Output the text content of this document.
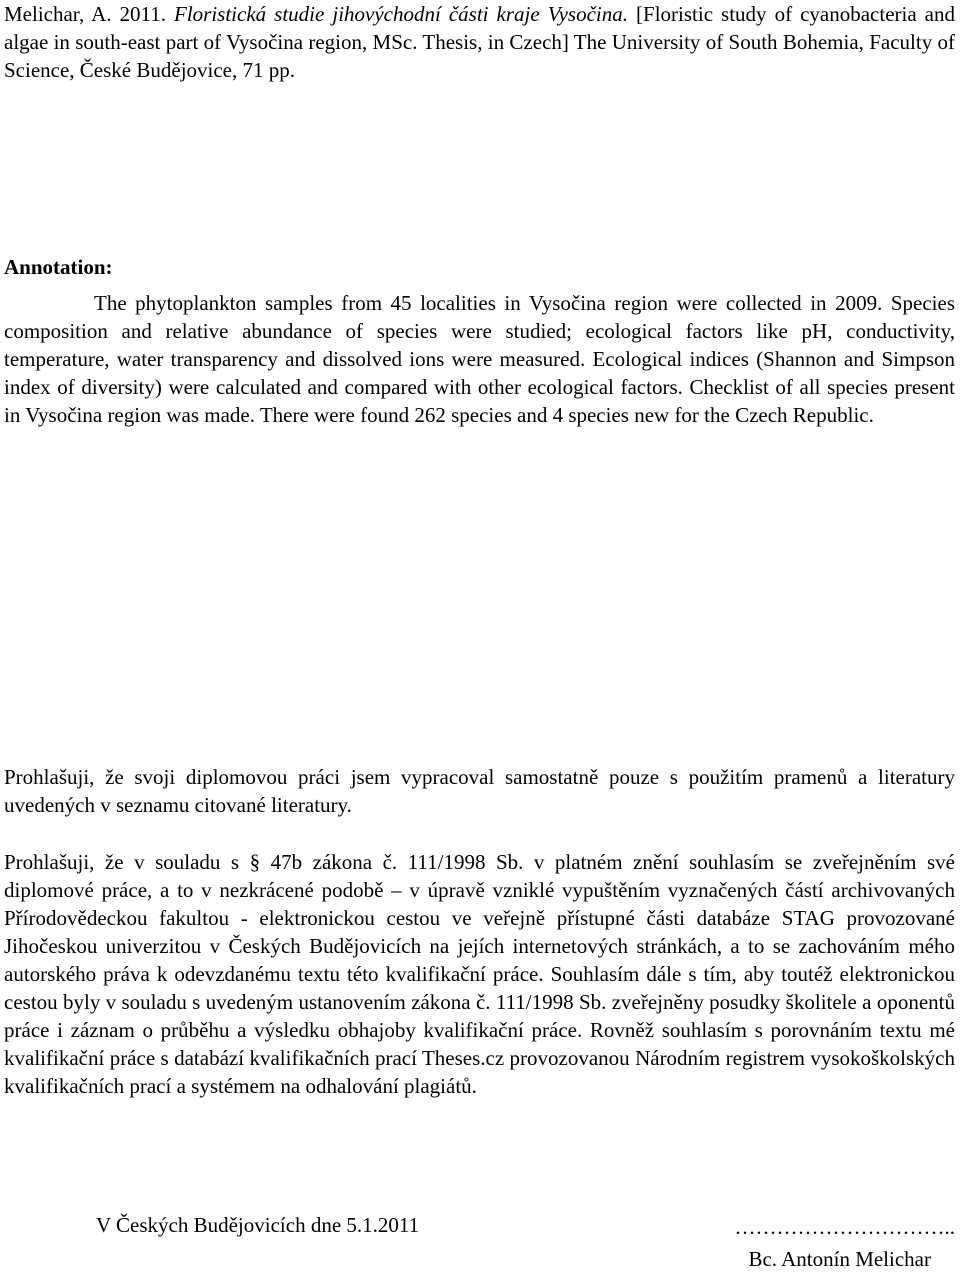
Melichar, A. 2011. Floristická studie jihovýchodní části kraje Vysočina. [Floristic study of cyanobacteria and algae in south-east part of Vysočina region, MSc. Thesis, in Czech] The University of South Bohemia, Faculty of Science, České Budějovice, 71 pp.

Annotation:

The phytoplankton samples from 45 localities in Vysočina region were collected in 2009. Species composition and relative abundance of species were studied; ecological factors like pH, conductivity, temperature, water transparency and dissolved ions were measured. Ecological indices (Shannon and Simpson index of diversity) were calculated and compared with other ecological factors. Checklist of all species present in Vysočina region was made. There were found 262 species and 4 species new for the Czech Republic.

Prohlašuji, že svoji diplomovou práci jsem vypracoval samostatně pouze s použitím pramenů a literatury uvedených v seznamu citované literatury.

Prohlašuji, že v souladu s § 47b zákona č. 111/1998 Sb. v platném znění souhlasím se zveřejněním své diplomové práce, a to v nezkrácené podobě – v úpravě vzniklé vypuštěním vyznačených částí archivovaných Přírodovědeckou fakultou - elektronickou cestou ve veřejně přístupné části databáze STAG provozované Jihočeskou univerzitou v Českých Budějovicích na jejích internetových stránkách, a to se zachováním mého autorského práva k odevzdanému textu této kvalifikační práce. Souhlasím dále s tím, aby toutéž elektronickou cestou byly v souladu s uvedeným ustanovením zákona č. 111/1998 Sb. zveřejněny posudky školitele a oponentů práce i záznam o průběhu a výsledku obhajoby kvalifikační práce. Rovněž souhlasím s porovnáním textu mé kvalifikační práce s databází kvalifikačních prací Theses.cz provozovanou Národním registrem vysokoškolských kvalifikačních prací a systémem na odhalování plagiátů.

V Českých Budějovicích dne 5.1.2011	…………………………..
Bc. Antonín Melichar
